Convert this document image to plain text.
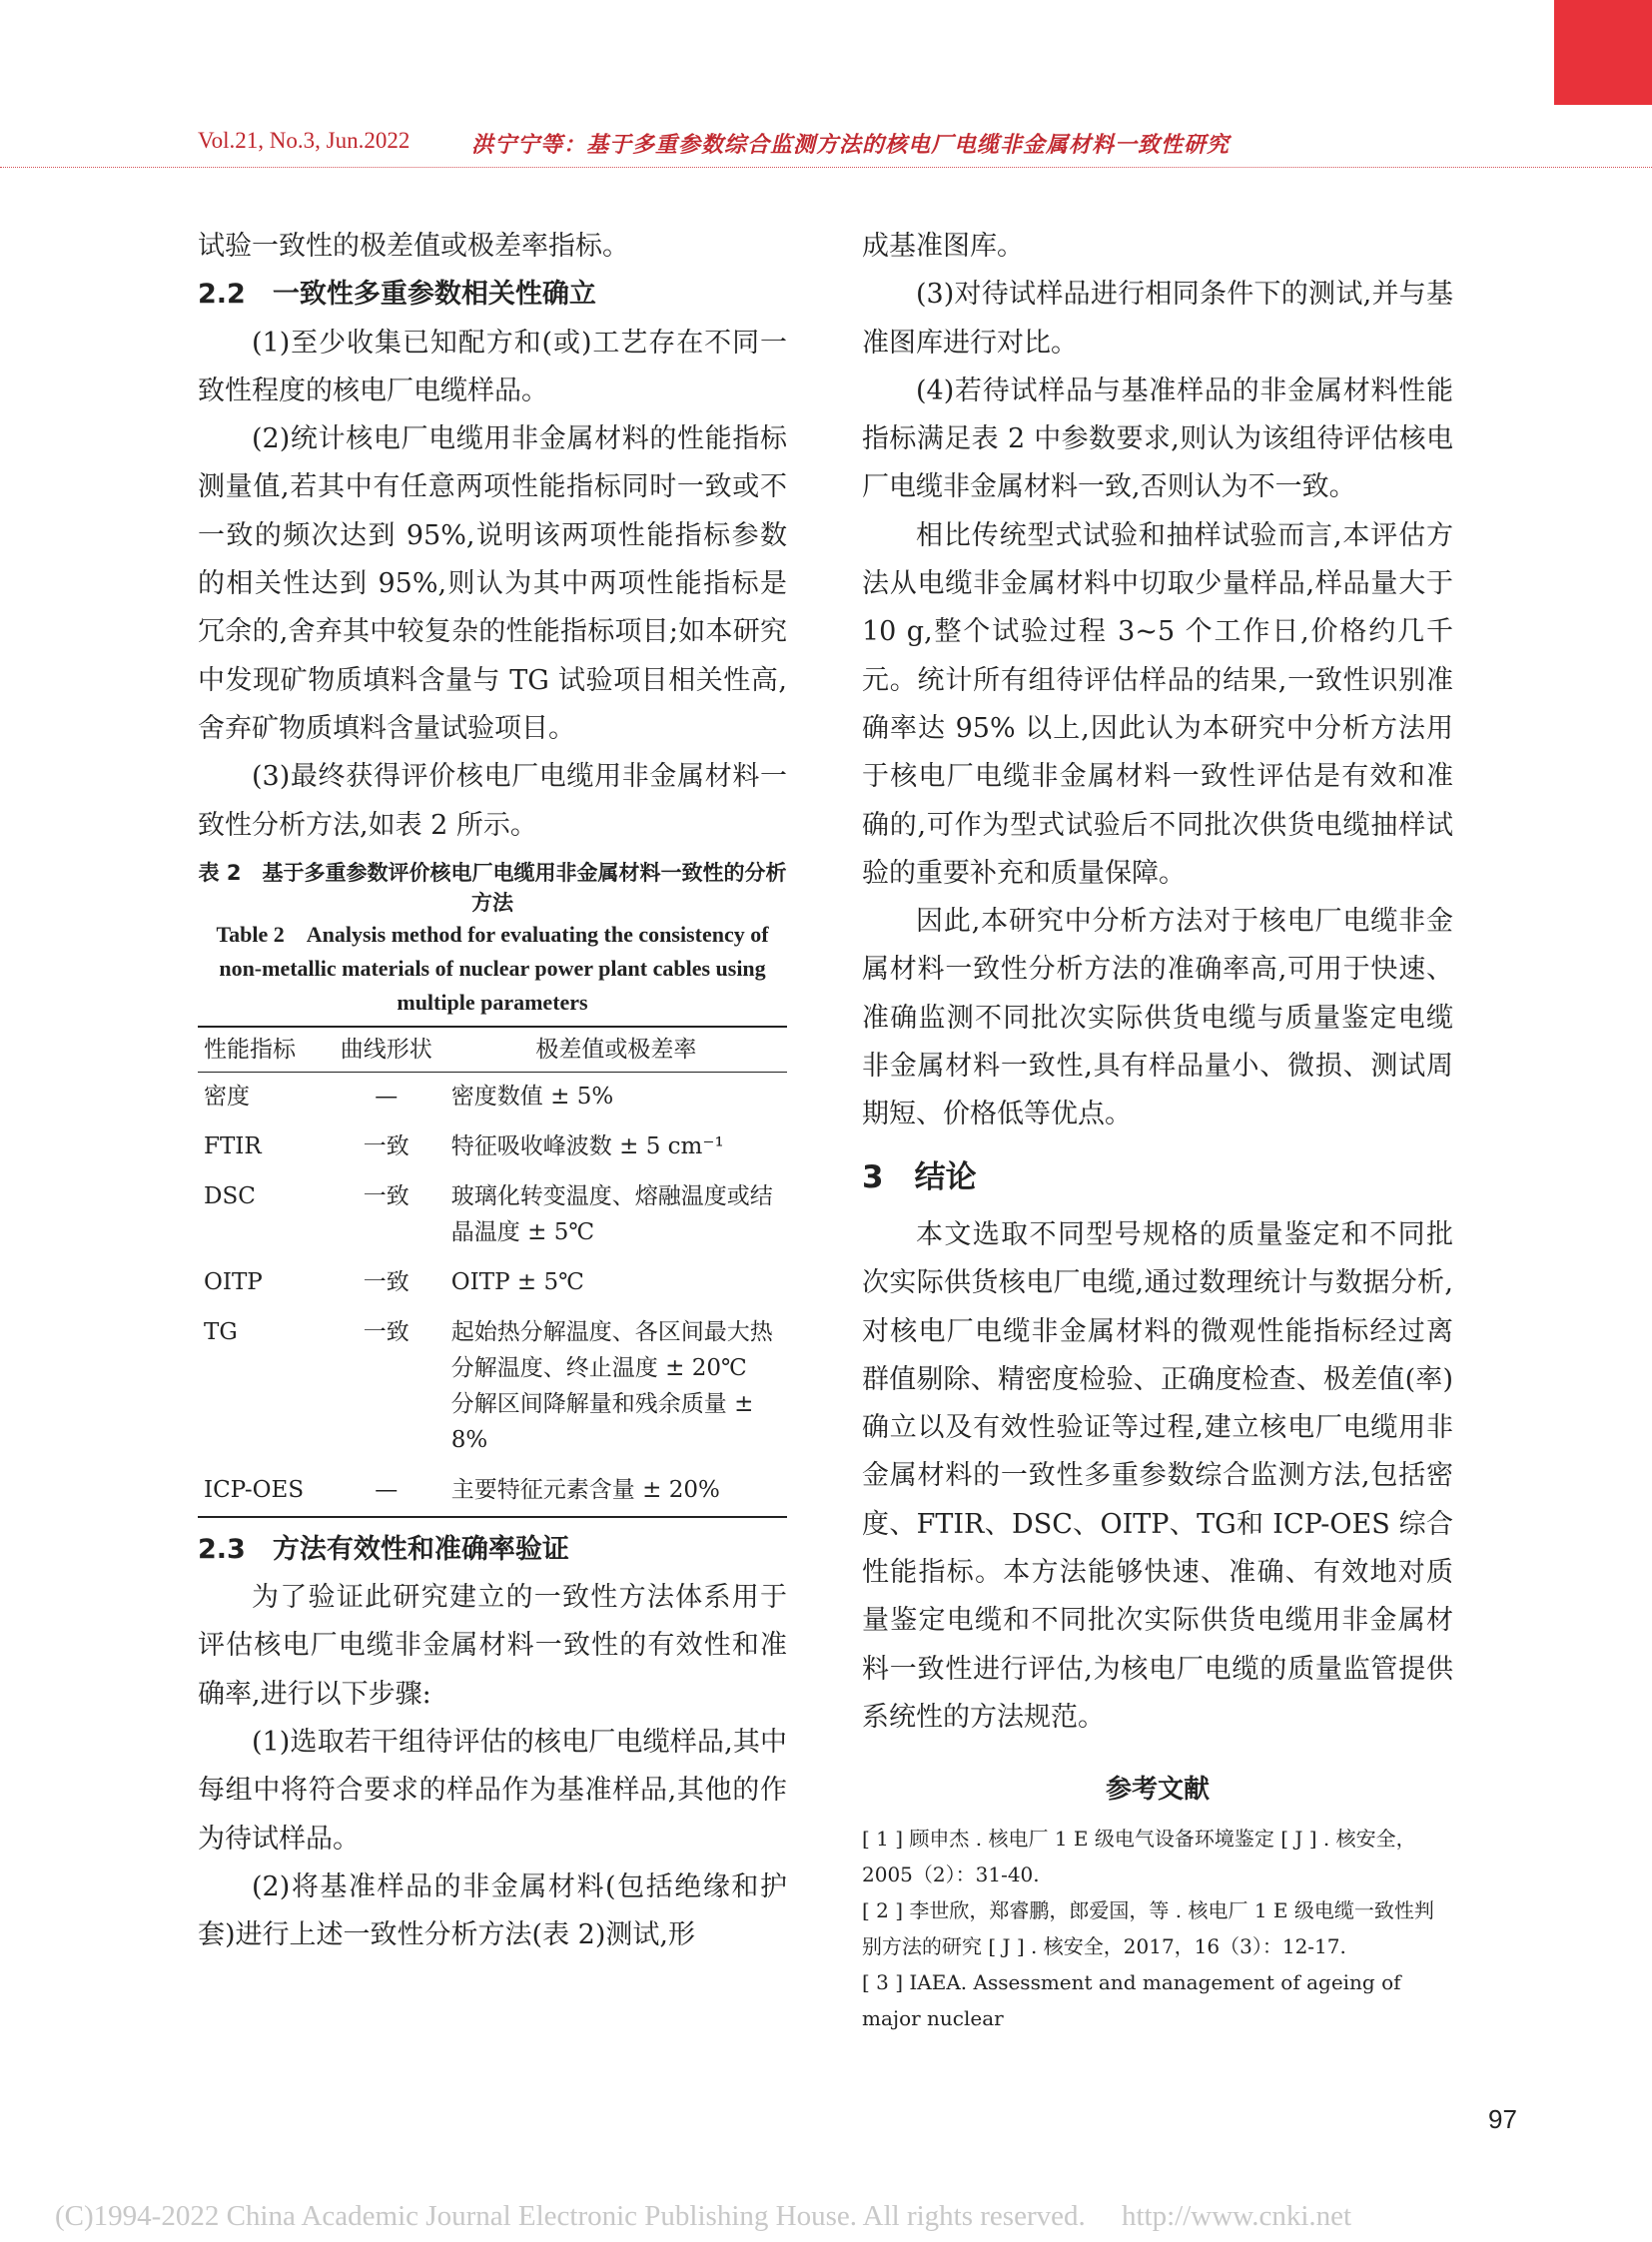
Vol.21, No.3, Jun.2022	洪宁宁等：基于多重参数综合监测方法的核电厂电缆非金属材料一致性研究

试验一致性的极差值或极差率指标。

2.2　一致性多重参数相关性确立

(1)至少收集已知配方和(或)工艺存在不同一致性程度的核电厂电缆样品。

(2)统计核电厂电缆用非金属材料的性能指标测量值,若其中有任意两项性能指标同时一致或不一致的频次达到 95%,说明该两项性能指标参数的相关性达到 95%,则认为其中两项性能指标是冗余的,舍弃其中较复杂的性能指标项目;如本研究中发现矿物质填料含量与 TG 试验项目相关性高,舍弃矿物质填料含量试验项目。

(3)最终获得评价核电厂电缆用非金属材料一致性分析方法,如表 2 所示。

表 2　基于多重参数评价核电厂电缆用非金属材料一致性的分析方法

Table 2　Analysis method for evaluating the consistency of non-metallic materials of nuclear power plant cables using multiple parameters

性能指标	曲线形状	极差值或极差率
密度	—	密度数值 ± 5%
FTIR	一致	特征吸收峰波数 ± 5 cm⁻¹
DSC	一致	玻璃化转变温度、熔融温度或结晶温度 ± 5℃
OITP	一致	OITP ± 5℃
TG	一致	起始热分解温度、各区间最大热分解温度、终止温度 ± 20℃
分解区间降解量和残余质量 ± 8%

ICP-OES	—	主要特征元素含量 ± 20%
2.3　方法有效性和准确率验证

为了验证此研究建立的一致性方法体系用于评估核电厂电缆非金属材料一致性的有效性和准确率,进行以下步骤:

(1)选取若干组待评估的核电厂电缆样品,其中每组中将符合要求的样品作为基准样品,其他的作为待试样品。

(2)将基准样品的非金属材料(包括绝缘和护套)进行上述一致性分析方法(表 2)测试,形

成基准图库。

(3)对待试样品进行相同条件下的测试,并与基准图库进行对比。

(4)若待试样品与基准样品的非金属材料性能指标满足表 2 中参数要求,则认为该组待评估核电厂电缆非金属材料一致,否则认为不一致。

相比传统型式试验和抽样试验而言,本评估方法从电缆非金属材料中切取少量样品,样品量大于 10 g,整个试验过程 3~5 个工作日,价格约几千元。统计所有组待评估样品的结果,一致性识别准确率达 95% 以上,因此认为本研究中分析方法用于核电厂电缆非金属材料一致性评估是有效和准确的,可作为型式试验后不同批次供货电缆抽样试验的重要补充和质量保障。

因此,本研究中分析方法对于核电厂电缆非金属材料一致性分析方法的准确率高,可用于快速、准确监测不同批次实际供货电缆与质量鉴定电缆非金属材料一致性,具有样品量小、微损、测试周期短、价格低等优点。

3　结论

本文选取不同型号规格的质量鉴定和不同批次实际供货核电厂电缆,通过数理统计与数据分析,对核电厂电缆非金属材料的微观性能指标经过离群值剔除、精密度检验、正确度检查、极差值(率)确立以及有效性验证等过程,建立核电厂电缆用非金属材料的一致性多重参数综合监测方法,包括密度、FTIR、DSC、OITP、TG和 ICP-OES 综合性能指标。本方法能够快速、准确、有效地对质量鉴定电缆和不同批次实际供货电缆用非金属材料一致性进行评估,为核电厂电缆的质量监管提供系统性的方法规范。

参考文献

[ 1 ] 顾申杰 . 核电厂 1 E 级电气设备环境鉴定 [ J ] . 核安全，2005（2）：31-40.

[ 2 ] 李世欣，郑睿鹏，郎爱国，等 . 核电厂 1 E 级电缆一致性判别方法的研究 [ J ] . 核安全，2017，16（3）：12-17.

[ 3 ] IAEA. Assessment and management of ageing of major nuclear

97
(C)1994-2022 China Academic Journal Electronic Publishing House. All rights reserved.　 http://www.cnki.net
